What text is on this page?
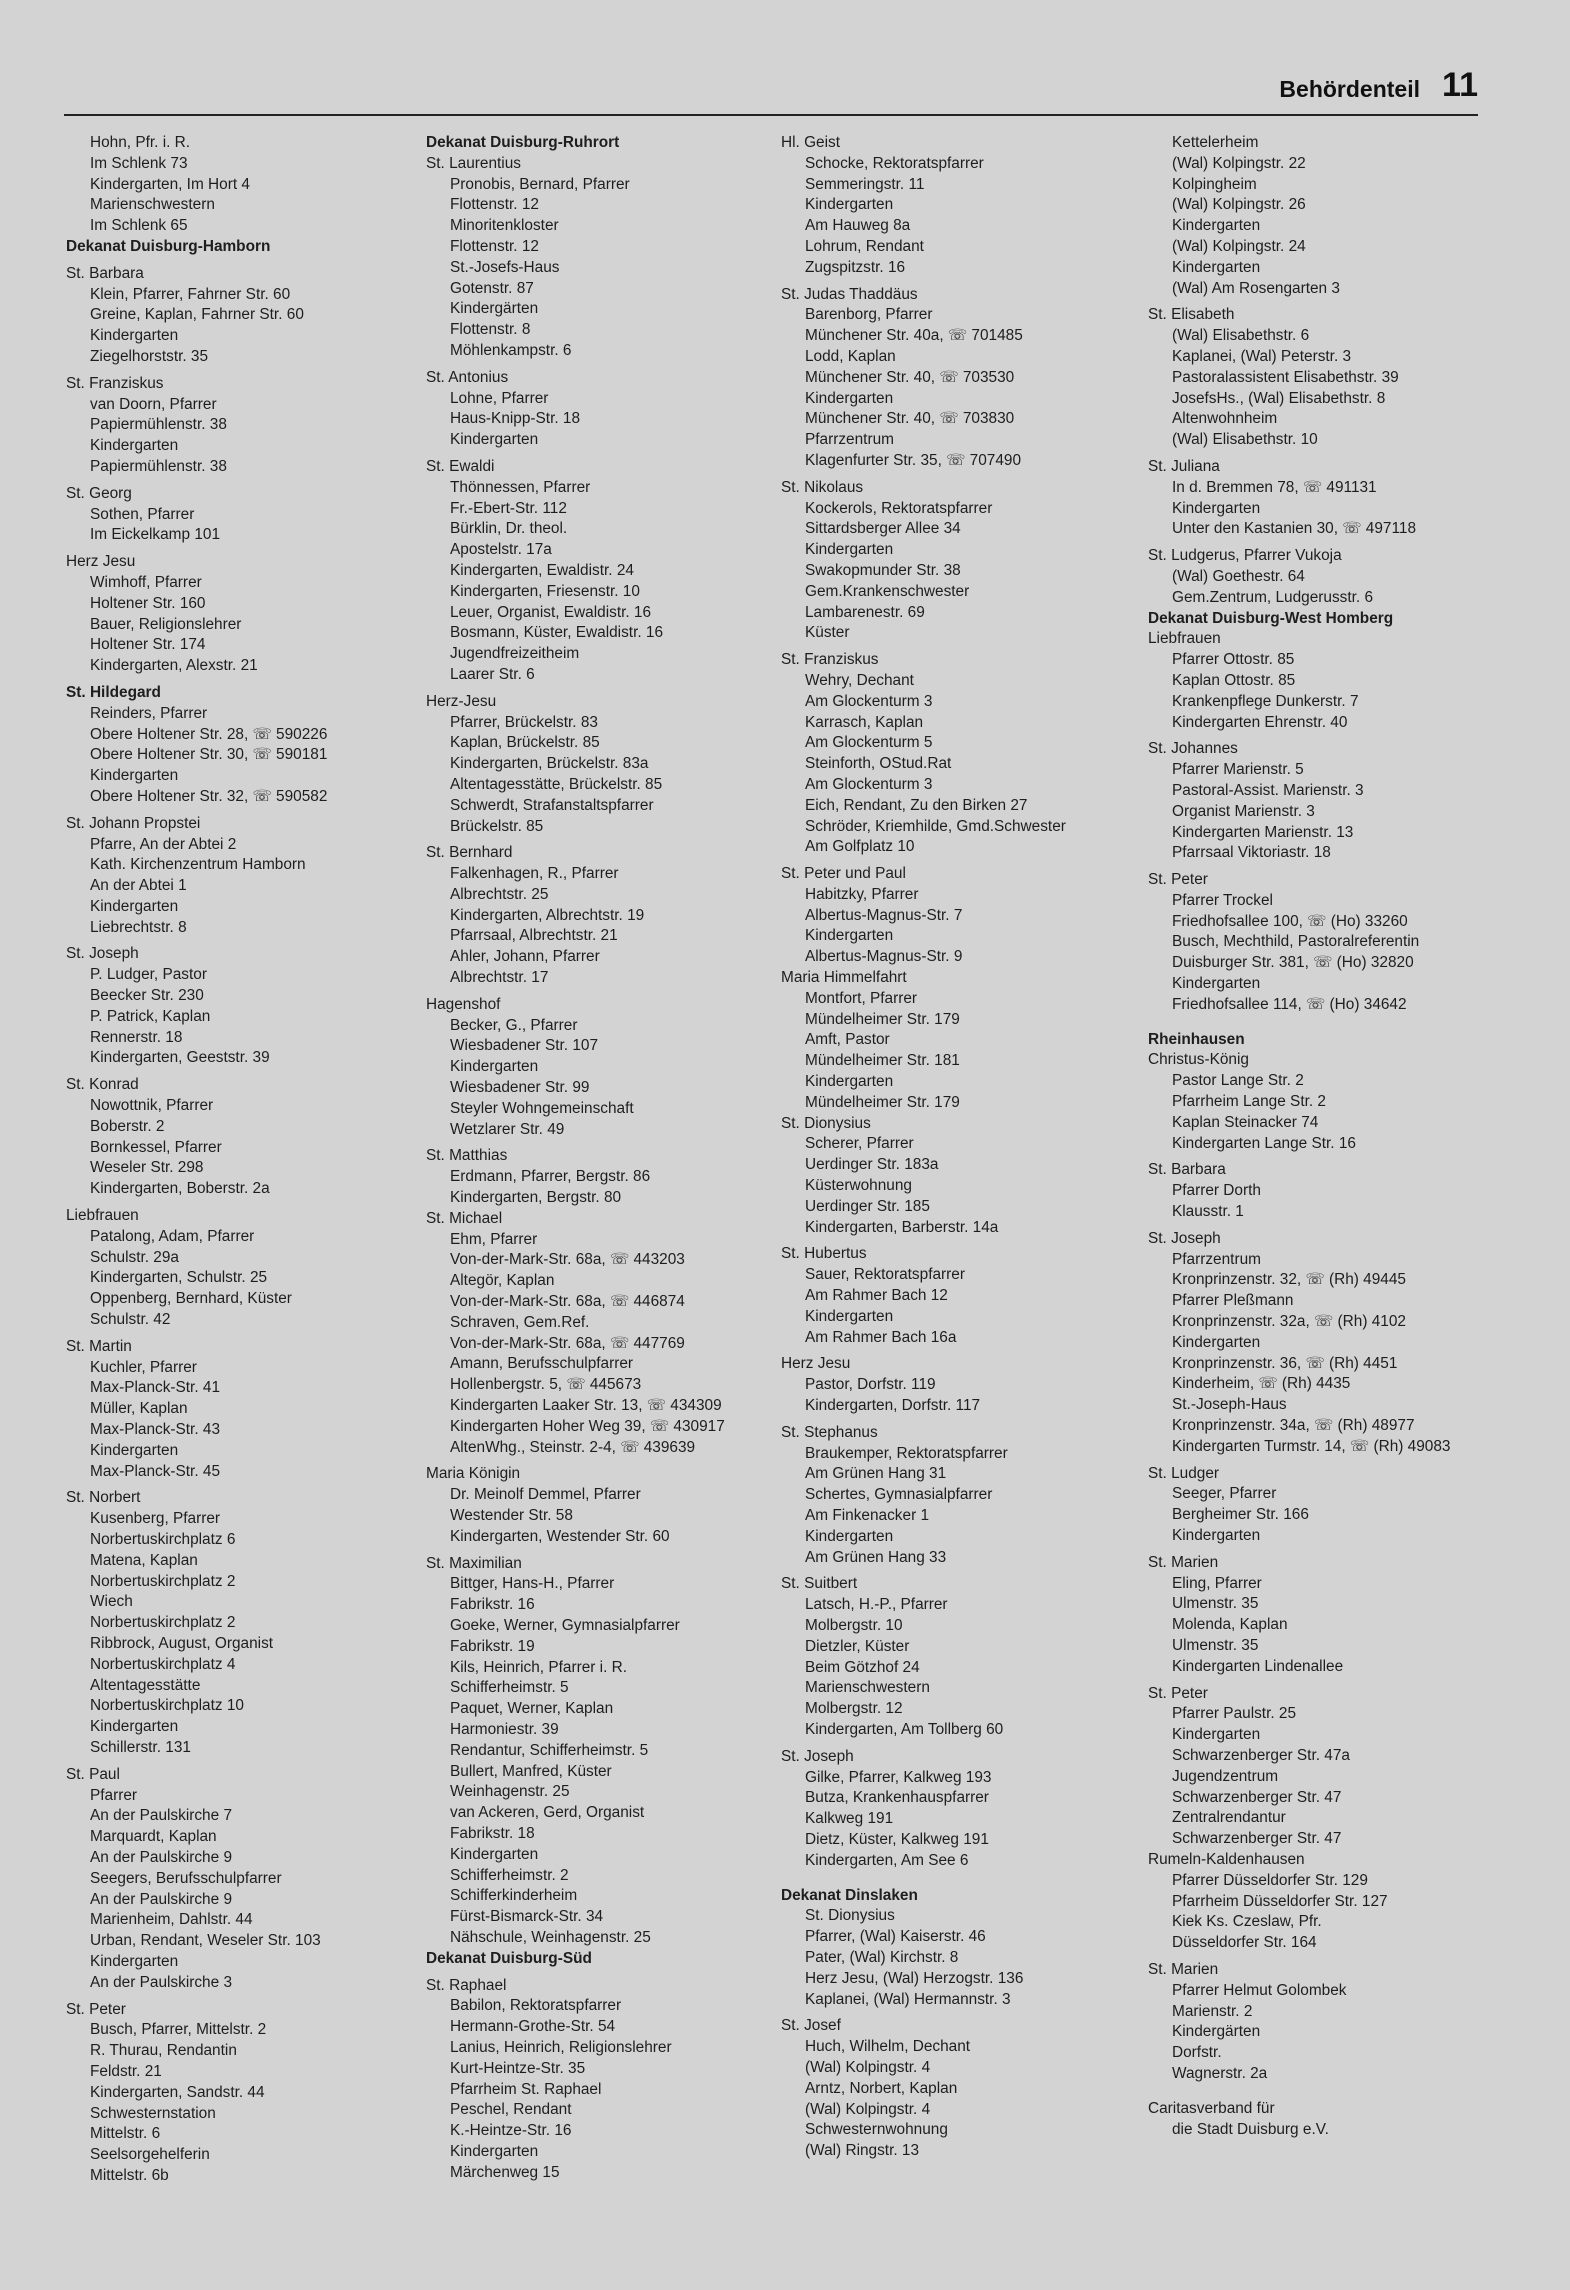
Behördenteil 11
Hohn, Pfr. i. R.
Im Schlenk 73
Kindergarten, Im Hort 4
Marienschwestern
Im Schlenk 65
Dekanat Duisburg-Hamborn
St. Barbara
Klein, Pfarrer, Fahrner Str. 60
Greine, Kaplan, Fahrner Str. 60
Kindergarten
Ziegelhorststr. 35
St. Franziskus
van Doorn, Pfarrer
Papiermühlenstr. 38
Kindergarten
Papiermühlenstr. 38
St. Georg
Sothen, Pfarrer
Im Eickelkamp 101
Herz Jesu
Wimhoff, Pfarrer
Holtener Str. 160
Bauer, Religionslehrer
Holtener Str. 174
Kindergarten, Alexstr. 21
St. Hildegard
Reinders, Pfarrer
Obere Holtener Str. 28, ☏ 590226
Obere Holtener Str. 30, ☏ 590181
Kindergarten
Obere Holtener Str. 32, ☏ 590582
St. Johann Propstei
Pfarre, An der Abtei 2
Kath. Kirchenzentrum Hamborn
An der Abtei 1
Kindergarten
Liebrechtstr. 8
St. Joseph
P. Ludger, Pastor
Beecker Str. 230
P. Patrick, Kaplan
Rennerstr. 18
Kindergarten, Geeststr. 39
St. Konrad
Nowottnik, Pfarrer
Boberstr. 2
Bornkessel, Pfarrer
Weseler Str. 298
Kindergarten, Boberstr. 2a
Liebfrauen
Patalong, Adam, Pfarrer
Schulstr. 29a
Kindergarten, Schulstr. 25
Oppenberg, Bernhard, Küster
Schulstr. 42
St. Martin
Kuchler, Pfarrer
Max-Planck-Str. 41
Müller, Kaplan
Max-Planck-Str. 43
Kindergarten
Max-Planck-Str. 45
St. Norbert
Kusenberg, Pfarrer
Norbertuskirchplatz 6
Matena, Kaplan
Norbertuskirchplatz 2
Wiech
Norbertuskirchplatz 2
Ribbrock, August, Organist
Norbertuskirchplatz 4
Altentagesstätte
Norbertuskirchplatz 10
Kindergarten
Schillerstr. 131
St. Paul
Pfarrer
An der Paulskirche 7
Marquardt, Kaplan
An der Paulskirche 9
Seegers, Berufsschulpfarrer
An der Paulskirche 9
Marienheim, Dahlstr. 44
Urban, Rendant, Weseler Str. 103
Kindergarten
An der Paulskirche 3
St. Peter
Busch, Pfarrer, Mittelstr. 2
R. Thurau, Rendantin
Feldstr. 21
Kindergarten, Sandstr. 44
Schwesternstation
Mittelstr. 6
Seelsorgehelferin
Mittelstr. 6b
Dekanat Duisburg-Ruhrort
St. Laurentius
Pronobis, Bernard, Pfarrer
Flottenstr. 12
Minoritenkloster
Flottenstr. 12
St.-Josefs-Haus
Gotenstr. 87
Kindergärten
Flottenstr. 8
Möhlenkampstr. 6
St. Antonius
Lohne, Pfarrer
Haus-Knipp-Str. 18
Kindergarten
St. Ewaldi
Thönnessen, Pfarrer
Fr.-Ebert-Str. 112
Bürklin, Dr. theol.
Apostelstr. 17a
Kindergarten, Ewaldistr. 24
Kindergarten, Friesenstr. 10
Leuer, Organist, Ewaldistr. 16
Bosmann, Küster, Ewaldistr. 16
Jugendfreizeitheim
Laarer Str. 6
Herz-Jesu
Pfarrer, Brückelstr. 83
Kaplan, Brückelstr. 85
Kindergarten, Brückelstr. 83a
Altentagesstätte, Brückelstr. 85
Schwerdt, Strafanstaltspfarrer
Brückelstr. 85
St. Bernhard
Falkenhagen, R., Pfarrer
Albrechtstr. 25
Kindergarten, Albrechtstr. 19
Pfarrsaal, Albrechtstr. 21
Ahler, Johann, Pfarrer
Albrechtstr. 17
Hagenshof
Becker, G., Pfarrer
Wiesbadener Str. 107
Kindergarten
Wiesbadener Str. 99
Steyler Wohngemeinschaft
Wetzlarer Str. 49
St. Matthias
Erdmann, Pfarrer, Bergstr. 86
Kindergarten, Bergstr. 80
St. Michael
Ehm, Pfarrer
Von-der-Mark-Str. 68a, ☏ 443203
Altegör, Kaplan
Von-der-Mark-Str. 68a, ☏ 446874
Schraven, Gem.Ref.
Von-der-Mark-Str. 68a, ☏ 447769
Amann, Berufsschulpfarrer
Hollenbergstr. 5, ☏ 445673
Kindergarten Laaker Str. 13, ☏ 434309
Kindergarten Hoher Weg 39, ☏ 430917
AltenWhg., Steinstr. 2-4, ☏ 439639
Maria Königin
Dr. Meinolf Demmel, Pfarrer
Westender Str. 58
Kindergarten, Westender Str. 60
St. Maximilian
Bittger, Hans-H., Pfarrer
Fabrikstr. 16
Goeke, Werner, Gymnasialpfarrer
Fabrikstr. 19
Kils, Heinrich, Pfarrer i. R.
Schifferheimstr. 5
Paquet, Werner, Kaplan
Harmoniestr. 39
Rendantur, Schifferheimstr. 5
Bullert, Manfred, Küster
Weinhagenstr. 25
van Ackeren, Gerd, Organist
Fabrikstr. 18
Kindergarten
Schifferheimstr. 2
Schifferkinderheim
Fürst-Bismarck-Str. 34
Nähschule, Weinhagenstr. 25
Dekanat Duisburg-Süd
St. Raphael
Babilon, Rektoratspfarrer
Hermann-Grothe-Str. 54
Lanius, Heinrich, Religionslehrer
Kurt-Heintze-Str. 35
Pfarrheim St. Raphael
Peschel, Rendant
K.-Heintze-Str. 16
Kindergarten
Märchenweg 15
Hl. Geist
Schocke, Rektoratspfarrer
Semmeringstr. 11
Kindergarten
Am Hauweg 8a
Lohrum, Rendant
Zugspitzstr. 16
St. Judas Thaddäus
Barenborg, Pfarrer
Münchener Str. 40a, ☏ 701485
Lodd, Kaplan
Münchener Str. 40, ☏ 703530
Kindergarten
Münchener Str. 40, ☏ 703830
Pfarrzentrum
Klagenfurter Str. 35, ☏ 707490
St. Nikolaus
Kockerols, Rektoratspfarrer
Sittardsberger Allee 34
Kindergarten
Swakopmunder Str. 38
Gem.Krankenschwester
Lambarenestr. 69
Küster
St. Franziskus
Wehry, Dechant
Am Glockenturm 3
Karrasch, Kaplan
Am Glockenturm 5
Steinforth, OStud.Rat
Am Glockenturm 3
Eich, Rendant, Zu den Birken 27
Schröder, Kriemhilde, Gmd.Schwester
Am Golfplatz 10
St. Peter und Paul
Habitzky, Pfarrer
Albertus-Magnus-Str. 7
Kindergarten
Albertus-Magnus-Str. 9
Maria Himmelfahrt
Montfort, Pfarrer
Mündelheimer Str. 179
Amft, Pastor
Mündelheimer Str. 181
Kindergarten
Mündelheimer Str. 179
St. Dionysius
Scherer, Pfarrer
Uerdinger Str. 183a
Küsterwohnung
Uerdinger Str. 185
Kindergarten, Barberstr. 14a
St. Hubertus
Sauer, Rektoratspfarrer
Am Rahmer Bach 12
Kindergarten
Am Rahmer Bach 16a
Herz Jesu
Pastor, Dorfstr. 119
Kindergarten, Dorfstr. 117
St. Stephanus
Braukemper, Rektoratspfarrer
Am Grünen Hang 31
Schertes, Gymnasialpfarrer
Am Finkenacker 1
Kindergarten
Am Grünen Hang 33
St. Suitbert
Latsch, H.-P., Pfarrer
Molbergstr. 10
Dietzler, Küster
Beim Götzhof 24
Marienschwestern
Molbergstr. 12
Kindergarten, Am Tollberg 60
St. Joseph
Gilke, Pfarrer, Kalkweg 193
Butza, Krankenhauspfarrer
Kalkweg 191
Dietz, Küster, Kalkweg 191
Kindergarten, Am See 6
Dekanat Dinslaken
St. Dionysius
Pfarrer, (Wal) Kaiserstr. 46
Pater, (Wal) Kirchstr. 8
Herz Jesu, (Wal) Herzogstr. 136
Kaplanei, (Wal) Hermannstr. 3
St. Josef
Huch, Wilhelm, Dechant
(Wal) Kolpingstr. 4
Arntz, Norbert, Kaplan
(Wal) Kolpingstr. 4
Schwesternwohnung
(Wal) Ringstr. 13
Kettelerheim
(Wal) Kolpingstr. 22
Kolpingheim
(Wal) Kolpingstr. 26
Kindergarten
(Wal) Kolpingstr. 24
Kindergarten
(Wal) Am Rosengarten 3
St. Elisabeth
(Wal) Elisabethstr. 6
Kaplanei, (Wal) Peterstr. 3
Pastoralassistent Elisabethstr. 39
JosefsHs., (Wal) Elisabethstr. 8
Altenwohnheim
(Wal) Elisabethstr. 10
St. Juliana
In d. Bremmen 78, ☏ 491131
Kindergarten
Unter den Kastanien 30, ☏ 497118
St. Ludgerus, Pfarrer Vukoja
(Wal) Goethestr. 64
Gem.Zentrum, Ludgerusstr. 6
Dekanat Duisburg-West Homberg
Liebfrauen
Pfarrer Ottostr. 85
Kaplan Ottostr. 85
Krankenpflege Dunkerstr. 7
Kindergarten Ehrenstr. 40
St. Johannes
Pfarrer Marienstr. 5
Pastoral-Assist. Marienstr. 3
Organist Marienstr. 3
Kindergarten Marienstr. 13
Pfarrsaal Viktoriastr. 18
St. Peter
Pfarrer Trockel
Friedhofsallee 100, ☏ (Ho) 33260
Busch, Mechthild, Pastoralreferentin
Duisburger Str. 381, ☏ (Ho) 32820
Kindergarten
Friedhofsallee 114, ☏ (Ho) 34642
Rheinhausen
Christus-König
Pastor Lange Str. 2
Pfarrheim Lange Str. 2
Kaplan Steinacker 74
Kindergarten Lange Str. 16
St. Barbara
Pfarrer Dorth
Klausstr. 1
St. Joseph
Pfarrzentrum
Kronprinzenstr. 32, ☏ (Rh) 49445
Pfarrer Pleßmann
Kronprinzenstr. 32a, ☏ (Rh) 4102
Kindergarten
Kronprinzenstr. 36, ☏ (Rh) 4451
Kinderheim, ☏ (Rh) 4435
St.-Joseph-Haus
Kronprinzenstr. 34a, ☏ (Rh) 48977
Kindergarten Turmstr. 14, ☏ (Rh) 49083
St. Ludger
Seeger, Pfarrer
Bergheimer Str. 166
Kindergarten
St. Marien
Eling, Pfarrer
Ulmenstr. 35
Molenda, Kaplan
Ulmenstr. 35
Kindergarten Lindenallee
St. Peter
Pfarrer Paulstr. 25
Kindergarten
Schwarzenberger Str. 47a
Jugendzentrum
Schwarzenberger Str. 47
Zentralrendantur
Schwarzenberger Str. 47
Rumeln-Kaldenhausen
Pfarrer Düsseldorfer Str. 129
Pfarrheim Düsseldorfer Str. 127
Kiek Ks. Czeslaw, Pfr.
Düsseldorfer Str. 164
St. Marien
Pfarrer Helmut Golombek
Marienstr. 2
Kindergärten
Dorfstr.
Wagnerstr. 2a
Caritasverband für
die Stadt Duisburg e.V.
